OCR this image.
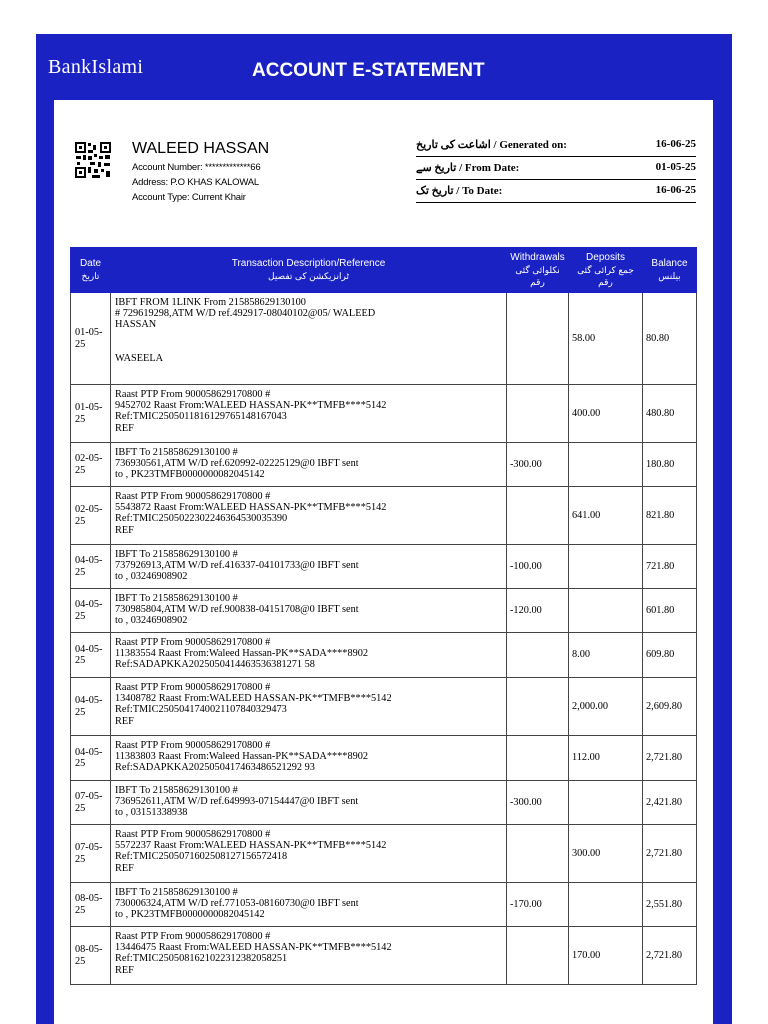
BankIslami	ACCOUNT E-STATEMENT
WALEED HASSAN
Account Number: *************66
Address: P.O KHAS KALOWAL
Account Type: Current Khair
اشاعت کی تاریخ / Generated on:	16-06-25
تاریخ سے / From Date:	01-05-25
تاریخ تک / To Date:	16-06-25
Date
تاریخ	Transaction Description/Reference
ٹرانزیکشن کی تفصیل	Withdrawals
نکلوائی گئی رقم	Deposits
جمع کرائی گئی رقم	Balance
بیلنس

01-05-25	IBFT FROM 1LINK From 215858629130100
# 729619298,ATM W/D ref.492917-08040102@05/ WALEED
HASSAN

WASEELA		58.00	80.80
01-05-25	Raast PTP From 900058629170800 #
9452702 Raast From:WALEED HASSAN-PK**TMFB****5142
Ref:TMIC2505011816129765148167043
REF		400.00	480.80
02-05-25	IBFT To 215858629130100 #
736930561,ATM W/D ref.620992-02225129@0 IBFT sent
to , PK23TMFB0000000082045142	-300.00		180.80
02-05-25	Raast PTP From 900058629170800 #
5543872 Raast From:WALEED HASSAN-PK**TMFB****5142
Ref:TMIC2505022302246364530035390
REF		641.00	821.80
04-05-25	IBFT To 215858629130100 #
737926913,ATM W/D ref.416337-04101733@0 IBFT sent
to , 03246908902	-100.00		721.80
04-05-25	IBFT To 215858629130100 #
730985804,ATM W/D ref.900838-04151708@0 IBFT sent
to , 03246908902	-120.00		601.80
04-05-25	Raast PTP From 900058629170800 #
11383554 Raast From:Waleed Hassan-PK**SADA****8902
Ref:SADAPKKA2025050414463536381271 58		8.00	609.80
04-05-25	Raast PTP From 900058629170800 #
13408782 Raast From:WALEED HASSAN-PK**TMFB****5142
Ref:TMIC2505041740021107840329473
REF		2,000.00	2,609.80
04-05-25	Raast PTP From 900058629170800 #
11383803 Raast From:Waleed Hassan-PK**SADA****8902
Ref:SADAPKKA2025050417463486521292 93		112.00	2,721.80
07-05-25	IBFT To 215858629130100 #
736952611,ATM W/D ref.649993-07154447@0 IBFT sent
to , 03151338938	-300.00		2,421.80
07-05-25	Raast PTP From 900058629170800 #
5572237 Raast From:WALEED HASSAN-PK**TMFB****5142
Ref:TMIC2505071602508127156572418
REF		300.00	2,721.80
08-05-25	IBFT To 215858629130100 #
730006324,ATM W/D ref.771053-08160730@0 IBFT sent
to , PK23TMFB0000000082045142	-170.00		2,551.80
08-05-25	Raast PTP From 900058629170800 #
13446475 Raast From:WALEED HASSAN-PK**TMFB****5142
Ref:TMIC2505081621022312382058251
REF		170.00	2,721.80
